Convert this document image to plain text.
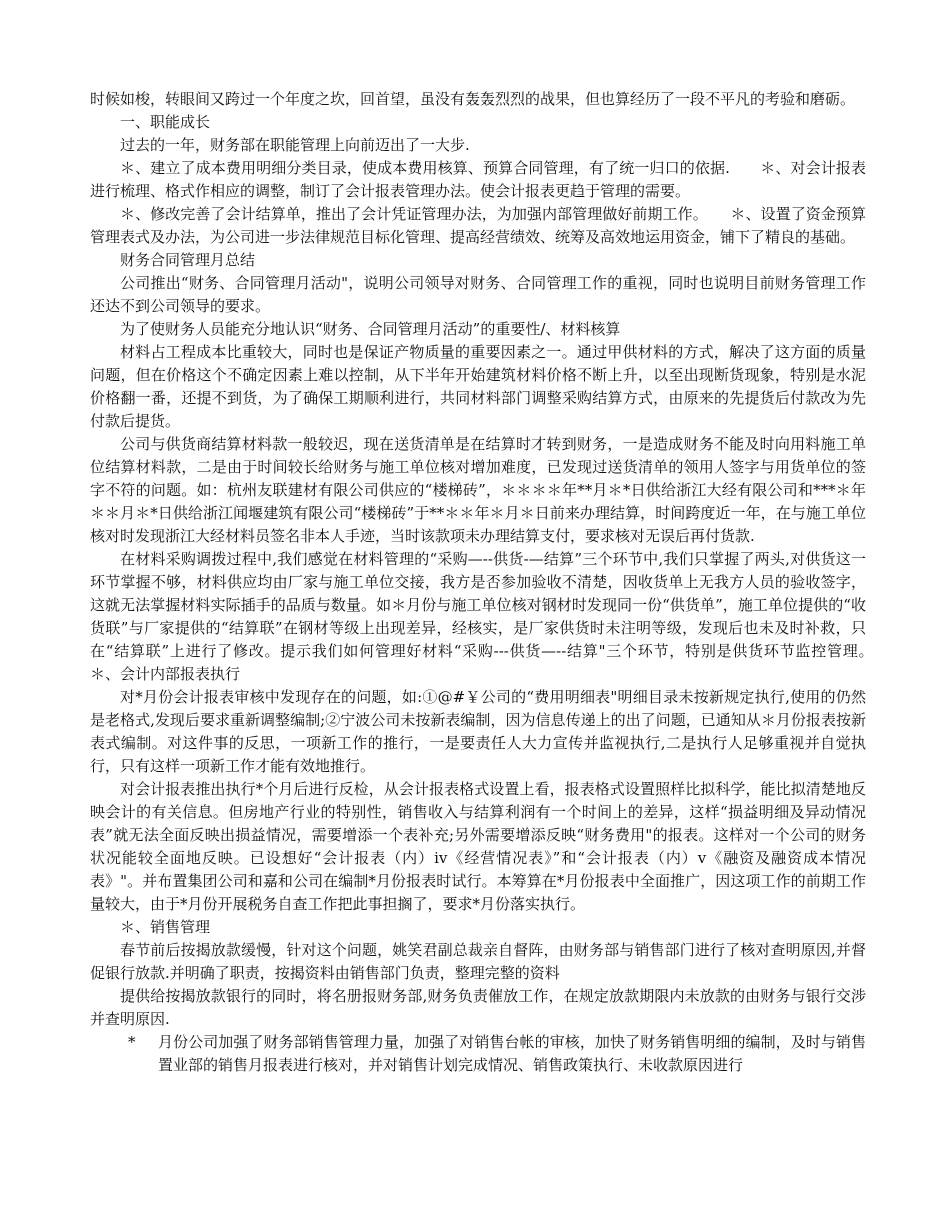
时候如梭，转眼间又跨过一个年度之坎，回首望，虽没有轰轰烈烈的战果，但也算经历了一段不平凡的考验和磨砺。

一、职能成长

过去的一年，财务部在职能管理上向前迈出了一大步.

＊、建立了成本费用明细分类目录，使成本费用核算、预算合同管理，有了统一归口的依据.　　＊、对会计报表进行梳理、格式作相应的调整，制订了会计报表管理办法。使会计报表更趋于管理的需要。

＊、修改完善了会计结算单，推出了会计凭证管理办法，为加强内部管理做好前期工作。　　＊、设置了资金预算管理表式及办法，为公司进一步法律规范目标化管理、提高经营绩效、统筹及高效地运用资金，铺下了精良的基础。

财务合同管理月总结

公司推出“财务、合同管理月活动"，说明公司领导对财务、合同管理工作的重视，同时也说明目前财务管理工作还达不到公司领导的要求。

为了使财务人员能充分地认识“财务、合同管理月活动”的重要性/、材料核算

材料占工程成本比重较大，同时也是保证产物质量的重要因素之一。通过甲供材料的方式，解决了这方面的质量问题，但在价格这个不确定因素上难以控制，从下半年开始建筑材料价格不断上升，以至出现断货现象，特别是水泥价格翻一番，还提不到货，为了确保工期顺利进行，共同材料部门调整采购结算方式，由原来的先提货后付款改为先付款后提货。

公司与供货商结算材料款一般较迟，现在送货清单是在结算时才转到财务，一是造成财务不能及时向用料施工单位结算材料款，二是由于时间较长给财务与施工单位核对增加难度，已发现过送货清单的领用人签字与用货单位的签字不符的问题。如：杭州友联建材有限公司供应的“楼梯砖”，＊＊＊＊年**月＊*日供给浙江大经有限公司和***＊年＊＊月＊*日供给浙江闻堰建筑有限公司“楼梯砖”于**＊＊年＊月＊日前来办理结算，时间跨度近一年，在与施工单位核对时发现浙江大经材料员签名非本人手迹，当时该款项未办理结算支付，要求核对无误后再付货款.

在材料采购调拨过程中,我们感觉在材料管理的“采购—--供货-—结算”三个环节中,我们只掌握了两头,对供货这一环节掌握不够，材料供应均由厂家与施工单位交接，我方是否参加验收不清楚，因收货单上无我方人员的验收签字，这就无法掌握材料实际插手的品质与数量。如＊月份与施工单位核对钢材时发现同一份“供货单”，施工单位提供的“收货联”与厂家提供的“结算联”在钢材等级上出现差异，经核实，是厂家供货时未注明等级，发现后也未及时补救，只在“结算联”上进行了修改。提示我们如何管理好材料“采购---供货—--结算"三个环节，特别是供货环节监控管理。　　＊、会计内部报表执行

对*月份会计报表审核中发现存在的问题，如:①@#￥公司的“费用明细表"明细目录未按新规定执行,使用的仍然是老格式,发现后要求重新调整编制;②宁波公司未按新表编制，因为信息传递上的出了问题，已通知从＊月份报表按新表式编制。对这件事的反思，一项新工作的推行，一是要责任人大力宣传并监视执行,二是执行人足够重视并自觉执行，只有这样一项新工作才能有效地推行。

对会计报表推出执行*个月后进行反检，从会计报表格式设置上看，报表格式设置照样比拟科学，能比拟清楚地反映会计的有关信息。但房地产行业的特别性，销售收入与结算利润有一个时间上的差异，这样“损益明细及异动情况表”就无法全面反映出损益情况，需要增添一个表补充;另外需要增添反映“财务费用"的报表。这样对一个公司的财务状况能较全面地反映。已设想好“会计报表（内）ⅳ《经营情况表》”和“会计报表（内）ⅴ《融资及融资成本情况表》"。并布置集团公司和嘉和公司在编制*月份报表时试行。本筹算在*月份报表中全面推广，因这项工作的前期工作量较大，由于*月份开展税务自查工作把此事担搁了，要求*月份落实执行。

＊、销售管理

春节前后按揭放款缓慢，针对这个问题，姚笑君副总裁亲自督阵，由财务部与销售部门进行了核对查明原因,并督促银行放款.并明确了职责，按揭资料由销售部门负责，整理完整的资料

提供给按揭放款银行的同时，将名册报财务部,财务负责催放工作，在规定放款期限内未放款的由财务与银行交涉并查明原因.

*	月份公司加强了财务部销售管理力量，加强了对销售台帐的审核，加快了财务销售明细的编制，及时与销售置业部的销售月报表进行核对，并对销售计划完成情况、销售政策执行、未收款原因进行
